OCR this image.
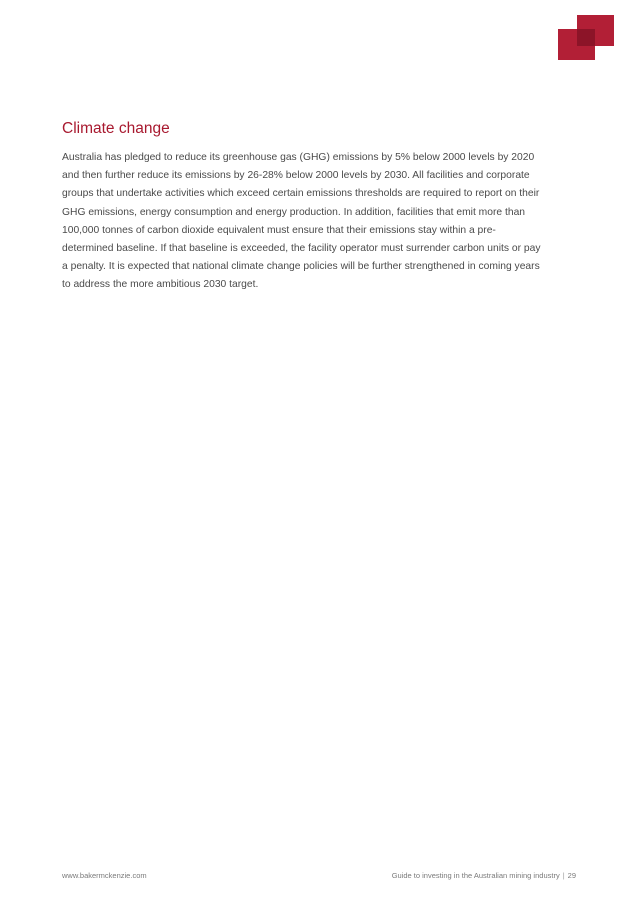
Climate change

Australia has pledged to reduce its greenhouse gas (GHG) emissions by 5% below 2000 levels by 2020
and then further reduce its emissions by 26-28% below 2000 levels by 2030. All facilities and corporate
groups that undertake activities which exceed certain emissions thresholds are required to report on their
GHG emissions, energy consumption and energy production. In addition, facilities that emit more than
100,000 tonnes of carbon dioxide equivalent must ensure that their emissions stay within a pre-
determined baseline. If that baseline is exceeded, the facility operator must surrender carbon units or pay
a penalty. It is expected that national climate change policies will be further strengthened in coming years
to address the more ambitious 2030 target.

www.bakermckenzie.com	Guide to investing in the Australian mining industry | 29
